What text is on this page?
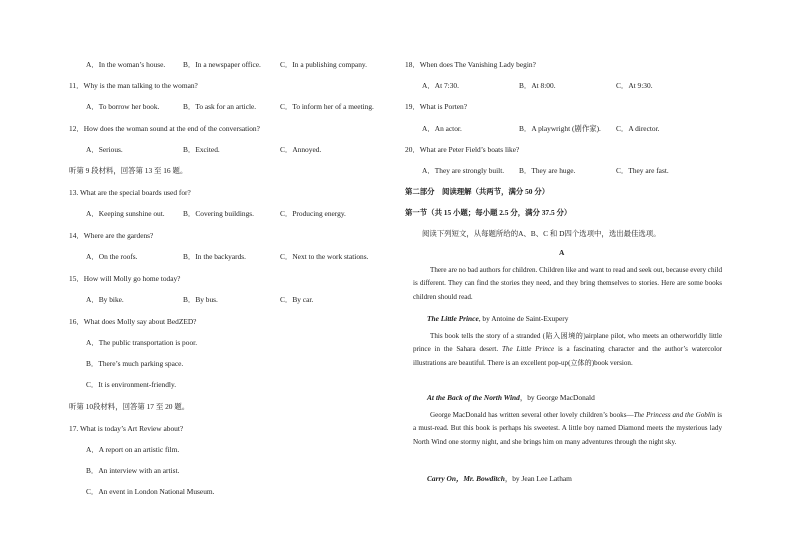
A．In the woman’s house. B．In a newspaper office.	C．In a publishing company.
11．Why is the man talking to the woman?
A．To borrow her book.	B．To ask for an article.	C．To inform her of a meeting.
12．How does the woman sound at the end of the conversation?
A．Serious.	B．Excited.	C．Annoyed.
听第 9 段材料，回答第 13 至 16 题。
13. What are the special boards used for?
A．Keeping sunshine out. B．Covering buildings.	C．Producing energy.
14．Where are the gardens?
A．On the roofs.	B．In the backyards.	C．Next to the work stations.
15．How will Molly go home today?
A．By bike.	B．By bus.	C．By car.
16．What does Molly say about BedZED?
A．The public transportation is poor.
B．There’s much parking space.
C．It is environment-friendly.
听第 10段材料，回答第 17 至 20 题。
17. What is today’s Art Review about?
A．A report on an artistic film.
B．An interview with an artist.
C．An event in London National Museum.
18．When does The Vanishing Lady begin?
A．At 7:30.	B．At 8:00.	C．At 9:30.
19．What is Porten?
A．An actor.	B．A playwright (剧作家). C．A director.
20．What are Peter Field’s boats like?
A．They are strongly built. B．They are huge.	C．They are fast.
第二部分　阅读理解（共两节，满分 50 分）
第一节（共 15 小题；每小题 2.5 分，满分 37.5 分）
阅读下列短文，从每题所给的A、B、C 和 D四个选项中，选出最佳选项。
A
There are no bad authors for children. Children like and want to read and seek out, because every child is different. They can find the stories they need, and they bring themselves to stories. Here are some books children should read.
The Little Prince, by Antoine de Saint-Exupery
This book tells the story of a stranded (陷入困境的)airplane pilot, who meets an otherworldly little prince in the Sahara desert. The Little Prince is a fascinating character and the author’s watercolor illustrations are beautiful. There is an excellent pop-up(立体的)book version.
At the Back of the North Wind，by George MacDonald
George MacDonald has written several other lovely children’s books—The Princess and the Goblin is a must-read. But this book is perhaps his sweetest. A little boy named Diamond meets the mysterious lady North Wind one stormy night, and she brings him on many adventures through the night sky.
Carry On，Mr. Bowditch，by Jean Lee Latham
